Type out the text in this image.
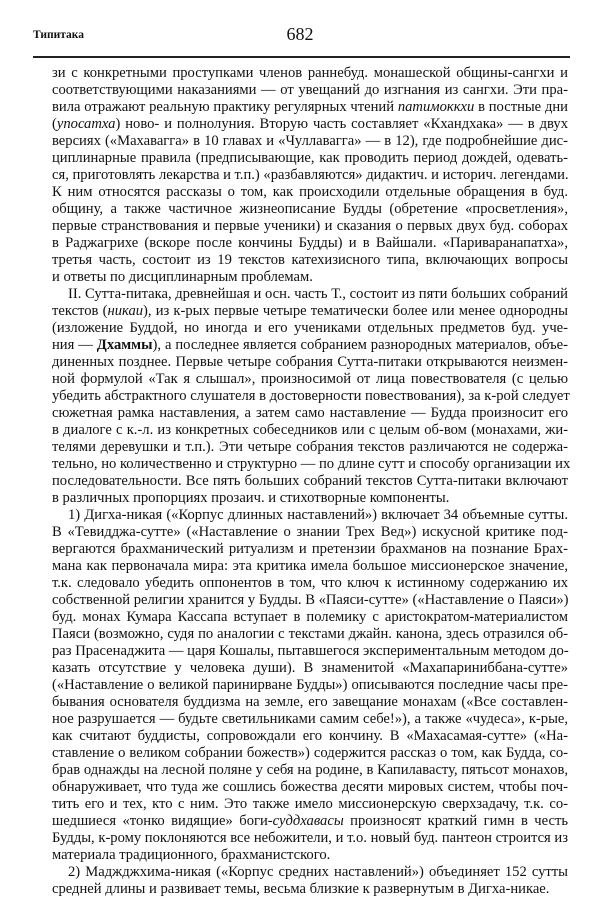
Типитака	682
зи с конкретными проступками членов раннебуд. монашеской общины-сангхи и
соответствующими наказаниями — от увещаний до изгнания из сангхи. Эти пра-
вила отражают реальную практику регулярных чтений патимоккхи в постные дни
(упосатха) ново- и полнолуния. Вторую часть составляет «Кхандхака» — в двух
версиях («Махавагга» в 10 главах и «Чуллавагга» — в 12), где подробнейшие дис-
циплинарные правила (предписывающие, как проводить период дождей, одевать-
ся, приготовлять лекарства и т.п.) «разбавляются» дидактич. и историч. легендами.
К ним относятся рассказы о том, как происходили отдельные обращения в буд.
общину, а также частичное жизнеописание Будды (обретение «просветления»,
первые странствования и первые ученики) и сказания о первых двух буд. соборах
в Раджагрихе (вскоре после кончины Будды) и в Вайшали. «Париваранапатха»,
третья часть, состоит из 19 текстов катехизисного типа, включающих вопросы
и ответы по дисциплинарным проблемам.
II. Сутта-питака, древнейшая и осн. часть Т., состоит из пяти больших собраний
текстов (никаи), из к-рых первые четыре тематически более или менее однородны
(изложение Буддой, но иногда и его учениками отдельных предметов буд. уче-
ния — Дхаммы), а последнее является собранием разнородных материалов, объе-
диненных позднее. Первые четыре собрания Сутта-питаки открываются неизмен-
ной формулой «Так я слышал», произносимой от лица повествователя (с целью
убедить абстрактного слушателя в достоверности повествования), за к-рой следует
сюжетная рамка наставления, а затем само наставление — Будда произносит его
в диалоге с к.-л. из конкретных собеседников или с целым об-вом (монахами, жи-
телями деревушки и т.п.). Эти четыре собрания текстов различаются не содержа-
тельно, но количественно и структурно — по длине сутт и способу организации их
последовательности. Все пять больших собраний текстов Сутта-питаки включают
в различных пропорциях прозаич. и стихотворные компоненты.
1) Дигха-никая («Корпус длинных наставлений») включает 34 объемные сутты.
В «Тевидджа-сутте» («Наставление о знании Трех Вед») искусной критике под-
вергаются брахманический ритуализм и претензии брахманов на познание Брах-
мана как первоначала мира: эта критика имела большое миссионерское значение,
т.к. следовало убедить оппонентов в том, что ключ к истинному содержанию их
собственной религии хранится у Будды. В «Паяси-сутте» («Наставление о Паяси»)
буд. монах Кумара Кассапа вступает в полемику с аристократом-материалистом
Паяси (возможно, судя по аналогии с текстами джайн. канона, здесь отразился об-
раз Прасенаджита — царя Кошалы, пытавшегося экспериментальным методом до-
казать отсутствие у человека души). В знаменитой «Махапариниббана-сутте»
(«Наставление о великой паринирване Будды») описываются последние часы пре-
бывания основателя буддизма на земле, его завещание монахам («Все составлен-
ное разрушается — будьте светильниками самим себе!»), а также «чудеса», к-рые,
как считают буддисты, сопровождали его кончину. В «Махасамая-сутте» («На-
ставление о великом собрании божеств») содержится рассказ о том, как Будда, со-
брав однажды на лесной поляне у себя на родине, в Капилавасту, пятьсот монахов,
обнаруживает, что туда же сошлись божества десяти мировых систем, чтобы поч-
тить его и тех, кто с ним. Это также имело миссионерскую сверхзадачу, т.к. со-
шедшиеся «тонко видящие» боги-суддхавасы произносят краткий гимн в честь
Будды, к-рому поклоняются все небожители, и т.о. новый буд. пантеон строится из
материала традиционного, брахманистского.
2) Маджджхима-никая («Корпус средних наставлений») объединяет 152 сутты
средней длины и развивает темы, весьма близкие к развернутым в Дигха-никае.
